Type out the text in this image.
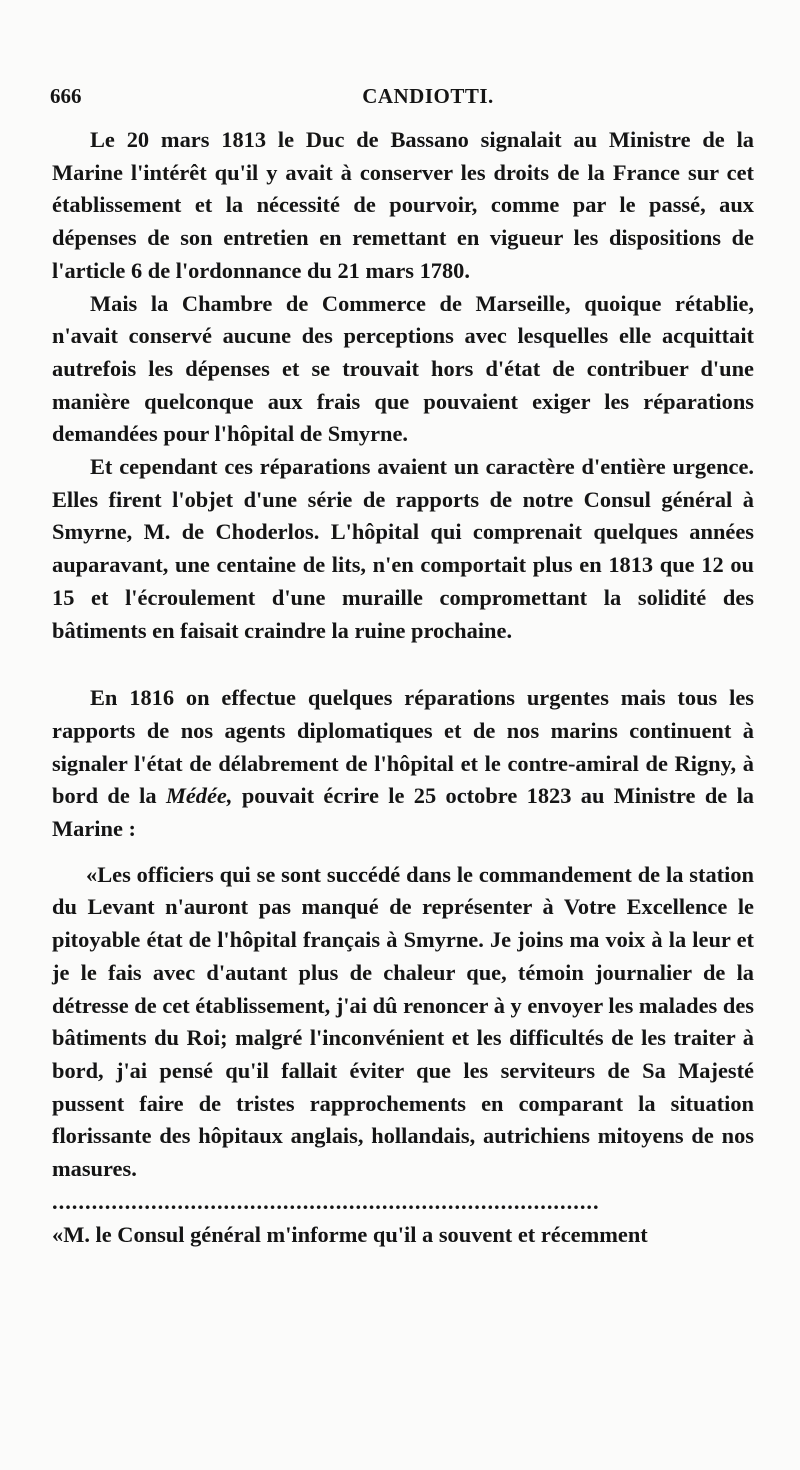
666	CANDIOTTI.

Le 20 mars 1813 le Duc de Bassano signalait au Ministre de la Marine l'intérêt qu'il y avait à conserver les droits de la France sur cet établissement et la nécessité de pourvoir, comme par le passé, aux dépenses de son entretien en remettant en vigueur les dispositions de l'article 6 de l'ordonnance du 21 mars 1780.

Mais la Chambre de Commerce de Marseille, quoique rétablie, n'avait conservé aucune des perceptions avec lesquelles elle acquittait autrefois les dépenses et se trouvait hors d'état de contribuer d'une manière quelconque aux frais que pouvaient exiger les réparations demandées pour l'hôpital de Smyrne.

Et cependant ces réparations avaient un caractère d'entière urgence. Elles firent l'objet d'une série de rapports de notre Consul général à Smyrne, M. de Choderlos. L'hôpital qui comprenait quelques années auparavant, une centaine de lits, n'en comportait plus en 1813 que 12 ou 15 et l'écroulement d'une muraille compromettant la solidité des bâtiments en faisait craindre la ruine prochaine.

En 1816 on effectue quelques réparations urgentes mais tous les rapports de nos agents diplomatiques et de nos marins continuent à signaler l'état de délabrement de l'hôpital et le contre-amiral de Rigny, à bord de la Médée, pouvait écrire le 25 octobre 1823 au Ministre de la Marine :

«Les officiers qui se sont succédé dans le commandement de la station du Levant n'auront pas manqué de représenter à Votre Excellence le pitoyable état de l'hôpital français à Smyrne. Je joins ma voix à la leur et je le fais avec d'autant plus de chaleur que, témoin journalier de la détresse de cet établissement, j'ai dû renoncer à y envoyer les malades des bâtiments du Roi; malgré l'inconvénient et les difficultés de les traiter à bord, j'ai pensé qu'il fallait éviter que les serviteurs de Sa Majesté pussent faire de tristes rapprochements en comparant la situation florissante des hôpitaux anglais, hollandais, autrichiens mitoyens de nos masures.

...................................................................................

«M. le Consul général m'informe qu'il a souvent et récemment
